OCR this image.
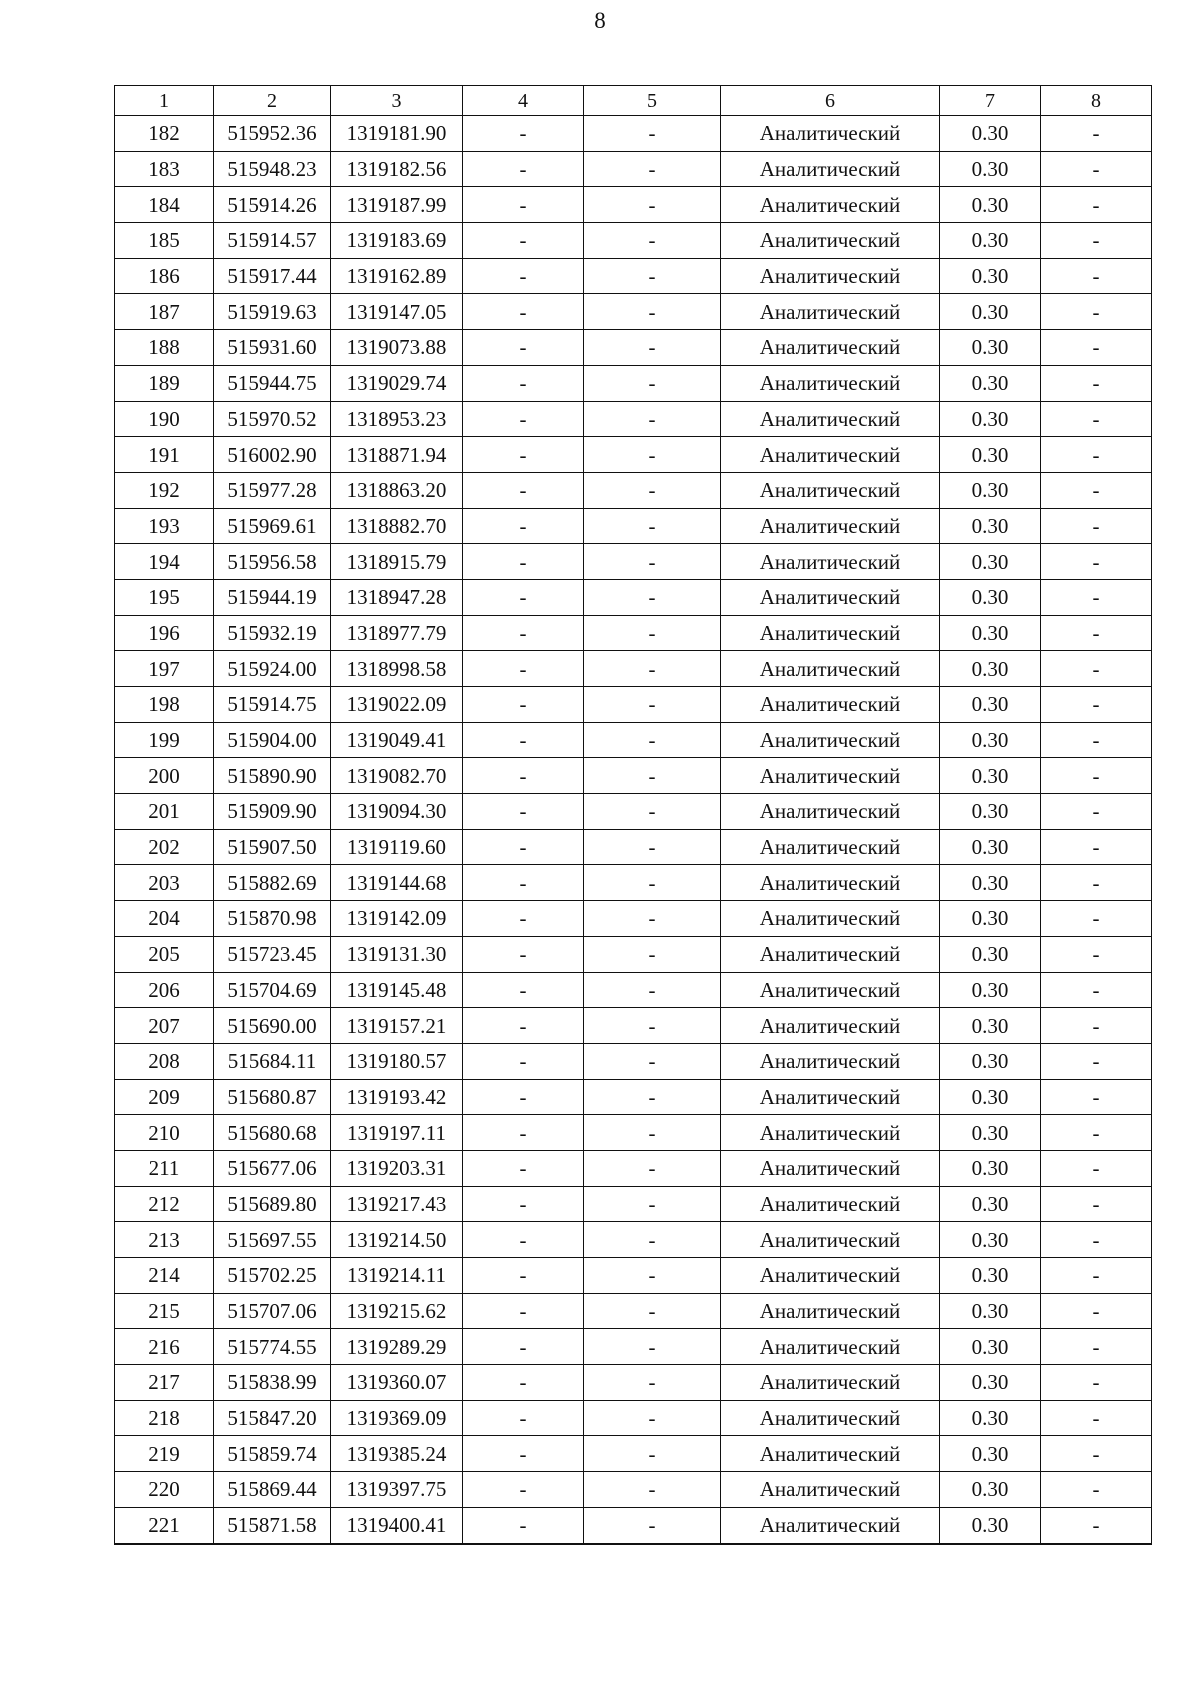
8
1	2	3	4	5	6	7	8
182	515952.36	1319181.90	-	-	Аналитический	0.30	-
183	515948.23	1319182.56	-	-	Аналитический	0.30	-
184	515914.26	1319187.99	-	-	Аналитический	0.30	-
185	515914.57	1319183.69	-	-	Аналитический	0.30	-
186	515917.44	1319162.89	-	-	Аналитический	0.30	-
187	515919.63	1319147.05	-	-	Аналитический	0.30	-
188	515931.60	1319073.88	-	-	Аналитический	0.30	-
189	515944.75	1319029.74	-	-	Аналитический	0.30	-
190	515970.52	1318953.23	-	-	Аналитический	0.30	-
191	516002.90	1318871.94	-	-	Аналитический	0.30	-
192	515977.28	1318863.20	-	-	Аналитический	0.30	-
193	515969.61	1318882.70	-	-	Аналитический	0.30	-
194	515956.58	1318915.79	-	-	Аналитический	0.30	-
195	515944.19	1318947.28	-	-	Аналитический	0.30	-
196	515932.19	1318977.79	-	-	Аналитический	0.30	-
197	515924.00	1318998.58	-	-	Аналитический	0.30	-
198	515914.75	1319022.09	-	-	Аналитический	0.30	-
199	515904.00	1319049.41	-	-	Аналитический	0.30	-
200	515890.90	1319082.70	-	-	Аналитический	0.30	-
201	515909.90	1319094.30	-	-	Аналитический	0.30	-
202	515907.50	1319119.60	-	-	Аналитический	0.30	-
203	515882.69	1319144.68	-	-	Аналитический	0.30	-
204	515870.98	1319142.09	-	-	Аналитический	0.30	-
205	515723.45	1319131.30	-	-	Аналитический	0.30	-
206	515704.69	1319145.48	-	-	Аналитический	0.30	-
207	515690.00	1319157.21	-	-	Аналитический	0.30	-
208	515684.11	1319180.57	-	-	Аналитический	0.30	-
209	515680.87	1319193.42	-	-	Аналитический	0.30	-
210	515680.68	1319197.11	-	-	Аналитический	0.30	-
211	515677.06	1319203.31	-	-	Аналитический	0.30	-
212	515689.80	1319217.43	-	-	Аналитический	0.30	-
213	515697.55	1319214.50	-	-	Аналитический	0.30	-
214	515702.25	1319214.11	-	-	Аналитический	0.30	-
215	515707.06	1319215.62	-	-	Аналитический	0.30	-
216	515774.55	1319289.29	-	-	Аналитический	0.30	-
217	515838.99	1319360.07	-	-	Аналитический	0.30	-
218	515847.20	1319369.09	-	-	Аналитический	0.30	-
219	515859.74	1319385.24	-	-	Аналитический	0.30	-
220	515869.44	1319397.75	-	-	Аналитический	0.30	-
221	515871.58	1319400.41	-	-	Аналитический	0.30	-
